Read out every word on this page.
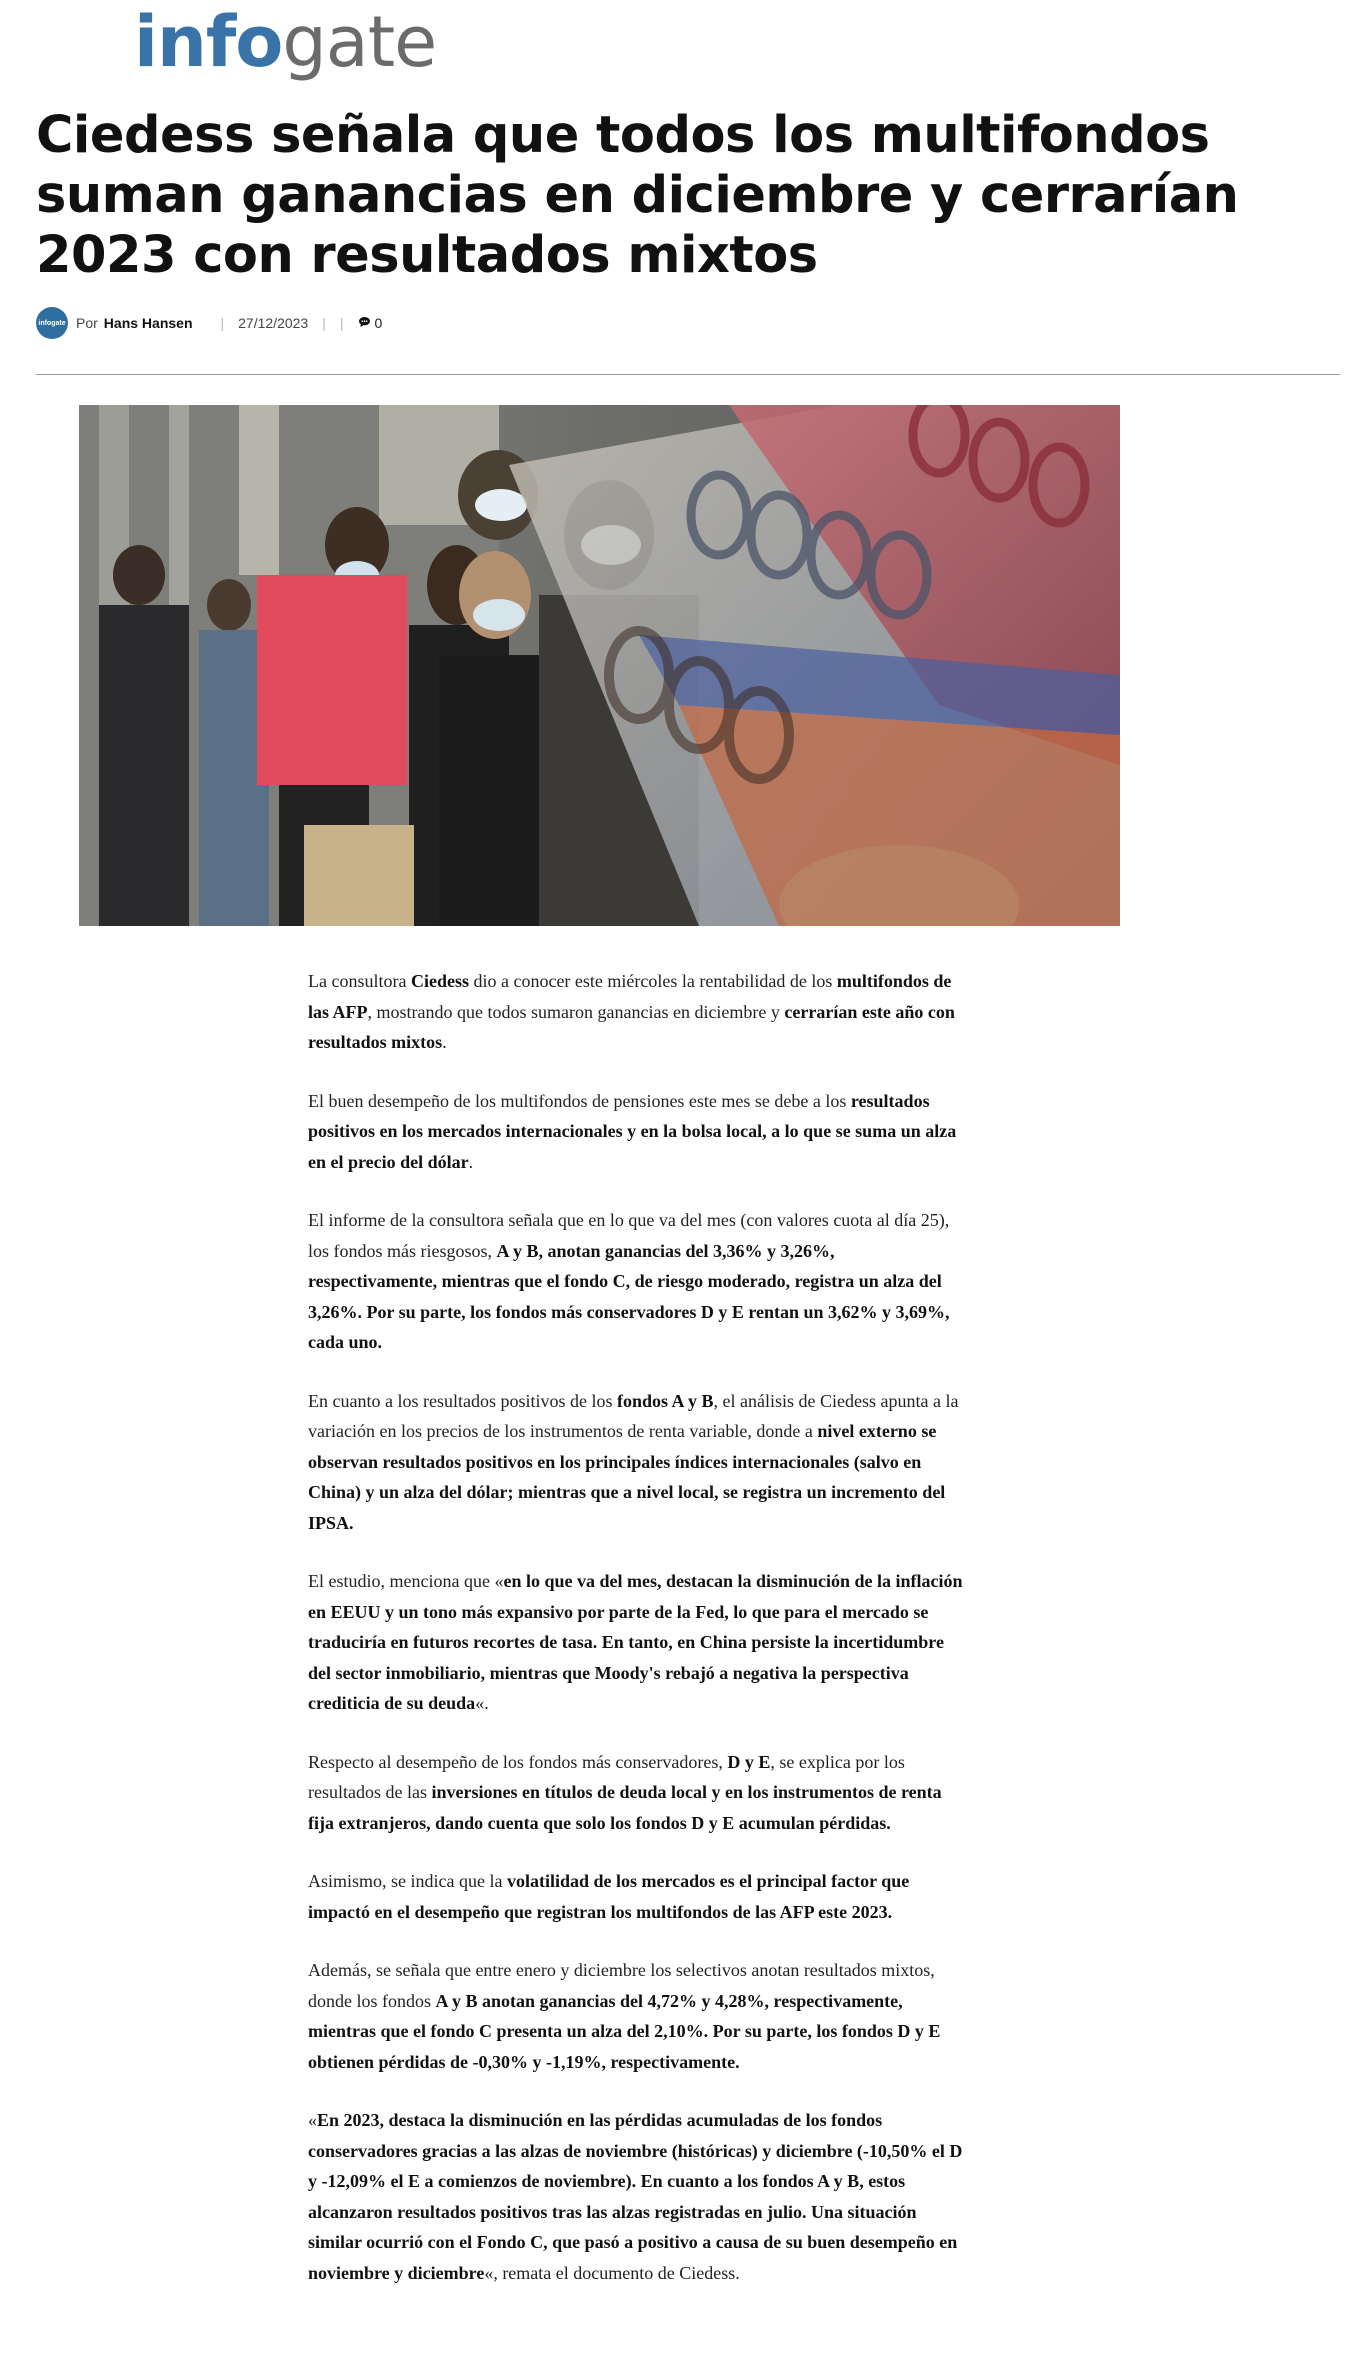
infogate
Ciedess señala que todos los multifondos suman ganancias en diciembre y cerrarían 2023 con resultados mixtos
infogate Por Hans Hansen | 27/12/2023 | | 0

La consultora Ciedess dio a conocer este miércoles la rentabilidad de los multifondos de las AFP, mostrando que todos sumaron ganancias en diciembre y cerrarían este año con resultados mixtos.

El buen desempeño de los multifondos de pensiones este mes se debe a los resultados positivos en los mercados internacionales y en la bolsa local, a lo que se suma un alza en el precio del dólar.

El informe de la consultora señala que en lo que va del mes (con valores cuota al día 25), los fondos más riesgosos, A y B, anotan ganancias del 3,36% y 3,26%, respectivamente, mientras que el fondo C, de riesgo moderado, registra un alza del 3,26%. Por su parte, los fondos más conservadores D y E rentan un 3,62% y 3,69%, cada uno.

En cuanto a los resultados positivos de los fondos A y B, el análisis de Ciedess apunta a la variación en los precios de los instrumentos de renta variable, donde a nivel externo se observan resultados positivos en los principales índices internacionales (salvo en China) y un alza del dólar; mientras que a nivel local, se registra un incremento del IPSA.

El estudio, menciona que «en lo que va del mes, destacan la disminución de la inflación en EEUU y un tono más expansivo por parte de la Fed, lo que para el mercado se traduciría en futuros recortes de tasa. En tanto, en China persiste la incertidumbre del sector inmobiliario, mientras que Moody's rebajó a negativa la perspectiva crediticia de su deuda«.

Respecto al desempeño de los fondos más conservadores, D y E, se explica por los resultados de las inversiones en títulos de deuda local y en los instrumentos de renta fija extranjeros, dando cuenta que solo los fondos D y E acumulan pérdidas.

Asimismo, se indica que la volatilidad de los mercados es el principal factor que impactó en el desempeño que registran los multifondos de las AFP este 2023.

Además, se señala que entre enero y diciembre los selectivos anotan resultados mixtos, donde los fondos A y B anotan ganancias del 4,72% y 4,28%, respectivamente, mientras que el fondo C presenta un alza del 2,10%. Por su parte, los fondos D y E obtienen pérdidas de -0,30% y -1,19%, respectivamente.

«En 2023, destaca la disminución en las pérdidas acumuladas de los fondos conservadores gracias a las alzas de noviembre (históricas) y diciembre (-10,50% el D y -12,09% el E a comienzos de noviembre). En cuanto a los fondos A y B, estos alcanzaron resultados positivos tras las alzas registradas en julio. Una situación similar ocurrió con el Fondo C, que pasó a positivo a causa de su buen desempeño en noviembre y diciembre«, remata el documento de Ciedess.
